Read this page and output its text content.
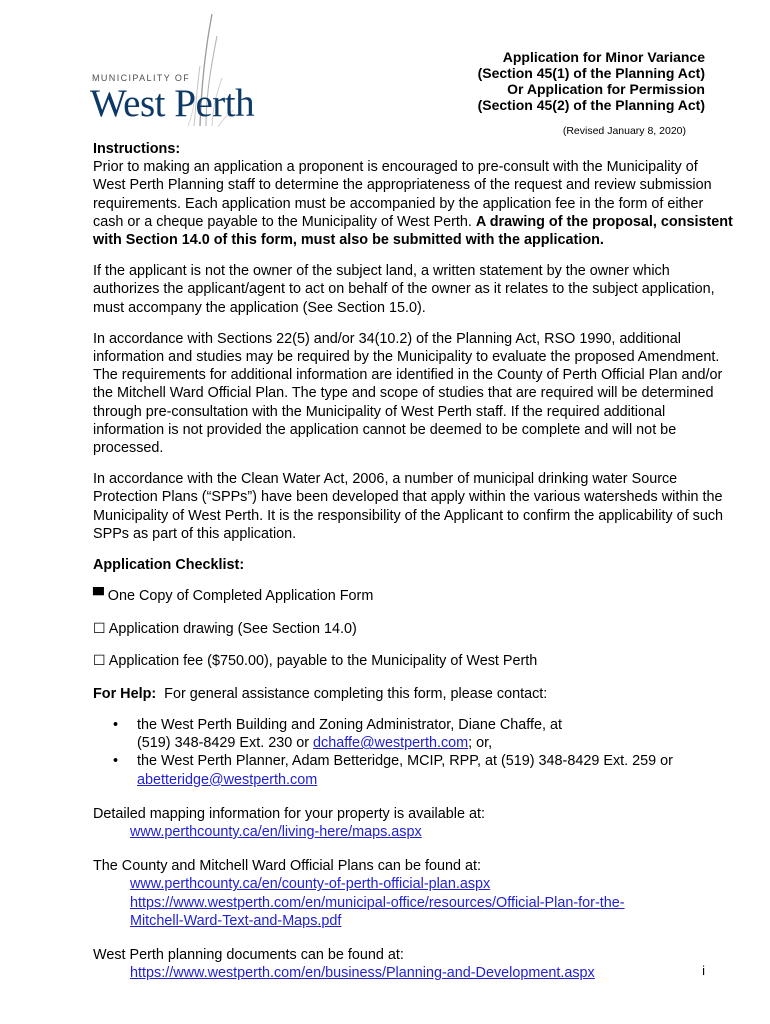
MUNICIPALITY OF
West Perth
Application for Minor Variance
(Section 45(1) of the Planning Act)
Or Application for Permission
(Section 45(2) of the Planning Act)
(Revised January 8, 2020)

Instructions:
Prior to making an application a proponent is encouraged to pre-consult with the Municipality of West Perth Planning staff to determine the appropriateness of the request and review submission requirements. Each application must be accompanied by the application fee in the form of either cash or a cheque payable to the Municipality of West Perth. A drawing of the proposal, consistent with Section 14.0 of this form, must also be submitted with the application.

If the applicant is not the owner of the subject land, a written statement by the owner which authorizes the applicant/agent to act on behalf of the owner as it relates to the subject application, must accompany the application (See Section 15.0).

In accordance with Sections 22(5) and/or 34(10.2) of the Planning Act, RSO 1990, additional information and studies may be required by the Municipality to evaluate the proposed Amendment. The requirements for additional information are identified in the County of Perth Official Plan and/or the Mitchell Ward Official Plan. The type and scope of studies that are required will be determined through pre-consultation with the Municipality of West Perth staff. If the required additional information is not provided the application cannot be deemed to be complete and will not be processed.

In accordance with the Clean Water Act, 2006, a number of municipal drinking water Source Protection Plans (“SPPs”) have been developed that apply within the various watersheds within the Municipality of West Perth. It is the responsibility of the Applicant to confirm the applicability of such SPPs as part of this application.

Application Checklist:

▀ One Copy of Completed Application Form

☐ Application drawing (See Section 14.0)

☐ Application fee ($750.00), payable to the Municipality of West Perth

For Help: For general assistance completing this form, please contact:

• the West Perth Building and Zoning Administrator, Diane Chaffe, at
(519) 348-8429 Ext. 230 or dchaffe@westperth.com; or,
• the West Perth Planner, Adam Betteridge, MCIP, RPP, at (519) 348-8429 Ext. 259 or
abetteridge@westperth.com
Detailed mapping information for your property is available at:
www.perthcounty.ca/en/living-here/maps.aspx
The County and Mitchell Ward Official Plans can be found at:
www.perthcounty.ca/en/county-of-perth-official-plan.aspx
https://www.westperth.com/en/municipal-office/resources/Official-Plan-for-the-
Mitchell-Ward-Text-and-Maps.pdf
West Perth planning documents can be found at:
https://www.westperth.com/en/business/Planning-and-Development.aspx	i
